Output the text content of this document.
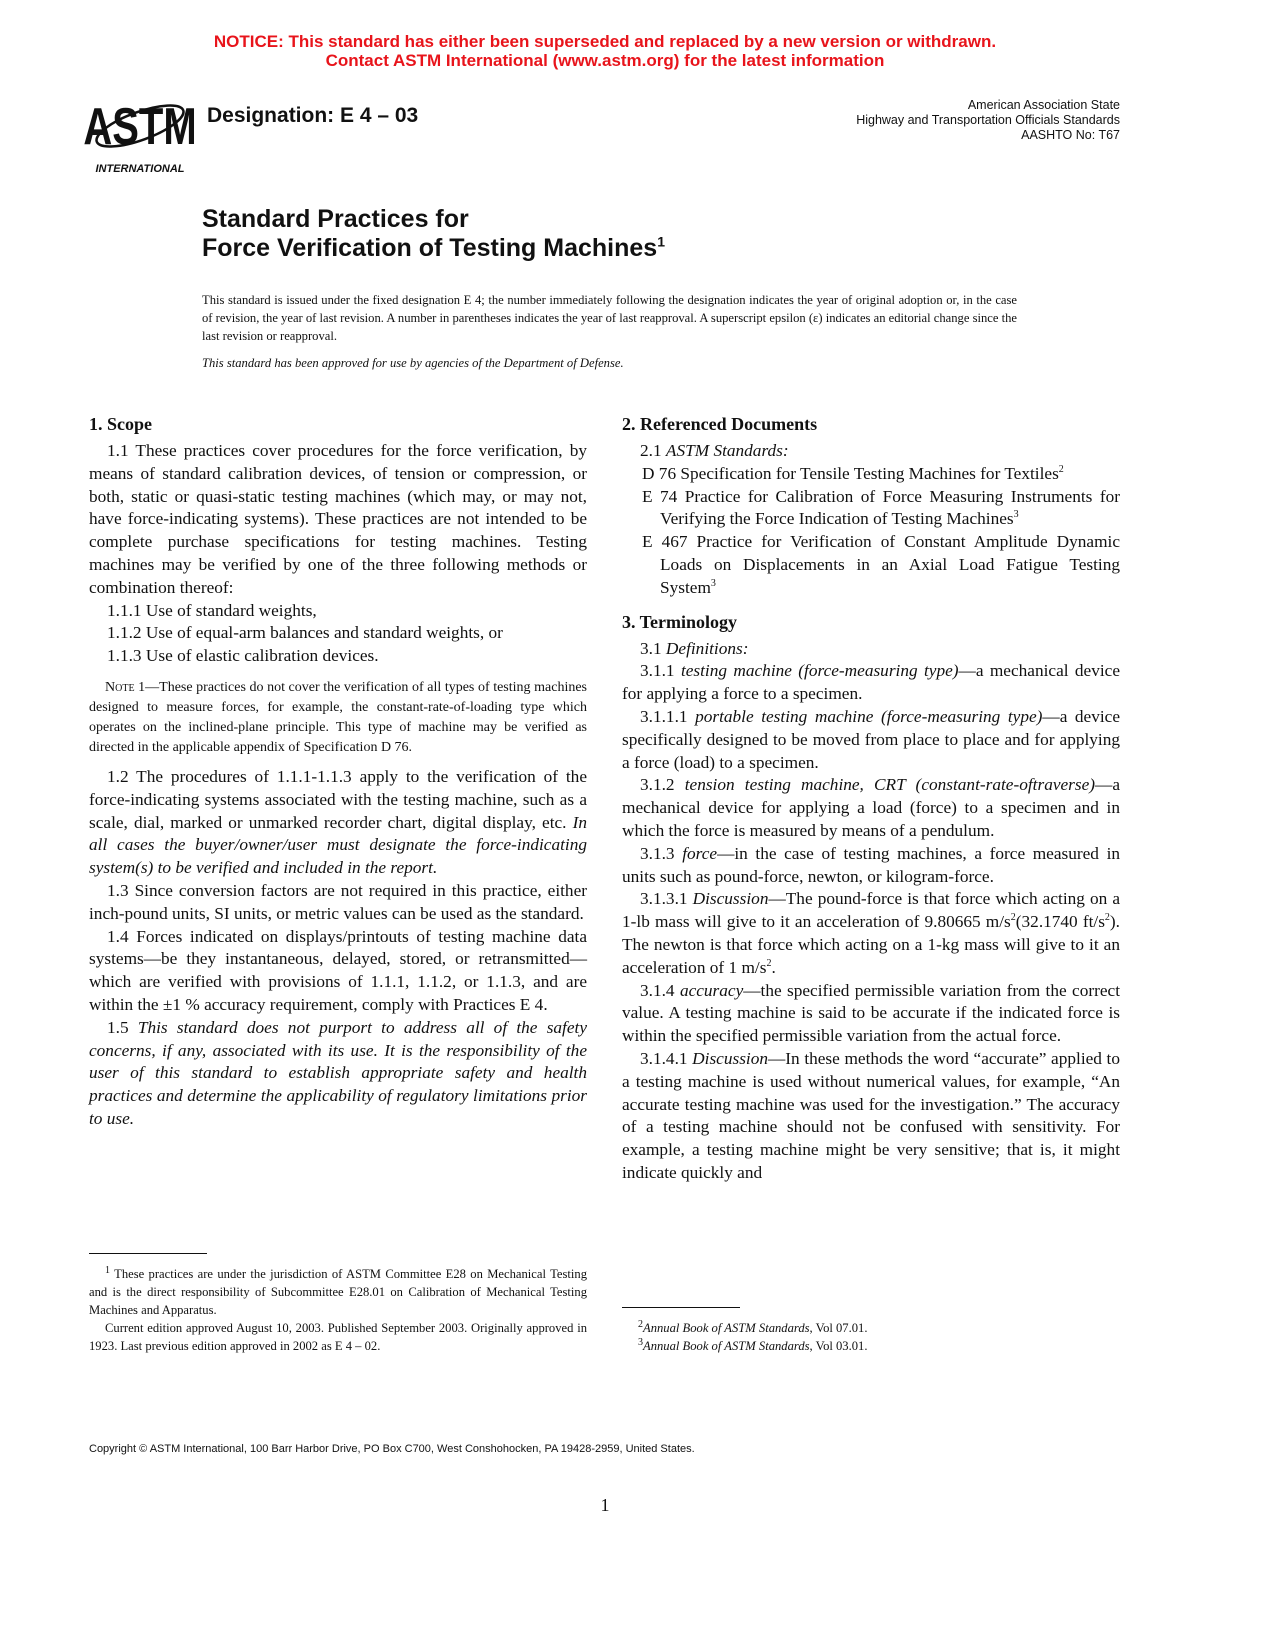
NOTICE: This standard has either been superseded and replaced by a new version or withdrawn.
Contact ASTM International (www.astm.org) for the latest information
ASTM
INTERNATIONAL
Designation: E 4 – 03	American Association State
Highway and Transportation Officials Standards
AASHTO No: T67
Standard Practices for
Force Verification of Testing Machines$^1$
This standard is issued under the fixed designation E 4; the number immediately following the designation indicates the year of original adoption or, in the case of revision, the year of last revision. A number in parentheses indicates the year of last reapproval. A superscript epsilon (ε) indicates an editorial change since the last revision or reapproval.
This standard has been approved for use by agencies of the Department of Defense.
1. Scope

1.1 These practices cover procedures for the force verification, by means of standard calibration devices, of tension or compression, or both, static or quasi-static testing machines (which may, or may not, have force-indicating systems). These practices are not intended to be complete purchase specifications for testing machines. Testing machines may be verified by one of the three following methods or combination thereof:

1.1.1 Use of standard weights,

1.1.2 Use of equal-arm balances and standard weights, or

1.1.3 Use of elastic calibration devices.

Note 1—These practices do not cover the verification of all types of testing machines designed to measure forces, for example, the constant-rate-of-loading type which operates on the inclined-plane principle. This type of machine may be verified as directed in the applicable appendix of Specification D 76.

1.2 The procedures of 1.1.1-1.1.3 apply to the verification of the force-indicating systems associated with the testing machine, such as a scale, dial, marked or unmarked recorder chart, digital display, etc. In all cases the buyer/owner/user must designate the force-indicating system(s) to be verified and included in the report.

1.3 Since conversion factors are not required in this practice, either inch-pound units, SI units, or metric values can be used as the standard.

1.4 Forces indicated on displays/printouts of testing machine data systems—be they instantaneous, delayed, stored, or retransmitted—which are verified with provisions of 1.1.1, 1.1.2, or 1.1.3, and are within the ±1 % accuracy requirement, comply with Practices E 4.

1.5 This standard does not purport to address all of the safety concerns, if any, associated with its use. It is the responsibility of the user of this standard to establish appropriate safety and health practices and determine the applicability of regulatory limitations prior to use.

2. Referenced Documents

2.1 ASTM Standards:

D 76 Specification for Tensile Testing Machines for Textiles$^2$

E 74 Practice for Calibration of Force Measuring Instruments for Verifying the Force Indication of Testing Machines$^3$

E 467 Practice for Verification of Constant Amplitude Dynamic Loads on Displacements in an Axial Load Fatigue Testing System$^3$

3. Terminology

3.1 Definitions:

3.1.1 testing machine (force-measuring type)—a mechanical device for applying a force to a specimen.

3.1.1.1 portable testing machine (force-measuring type)—a device specifically designed to be moved from place to place and for applying a force (load) to a specimen.

3.1.2 tension testing machine, CRT (constant-rate-oftraverse)—a mechanical device for applying a load (force) to a specimen and in which the force is measured by means of a pendulum.

3.1.3 force—in the case of testing machines, a force measured in units such as pound-force, newton, or kilogram-force.

3.1.3.1 Discussion—The pound-force is that force which acting on a 1-lb mass will give to it an acceleration of 9.80665 $m/s^2(32.1740$ $ft/s^2$). The newton is that force which acting on a 1-kg mass will give to it an acceleration of 1 $m/s^2$.

3.1.4 accuracy—the specified permissible variation from the correct value. A testing machine is said to be accurate if the indicated force is within the specified permissible variation from the actual force.

3.1.4.1 Discussion—In these methods the word “accurate” applied to a testing machine is used without numerical values, for example, “An accurate testing machine was used for the investigation.” The accuracy of a testing machine should not be confused with sensitivity. For example, a testing machine might be very sensitive; that is, it might indicate quickly and

$^1$ These practices are under the jurisdiction of ASTM Committee E28 on Mechanical Testing and is the direct responsibility of Subcommittee E28.01 on Calibration of Mechanical Testing Machines and Apparatus.

Current edition approved August 10, 2003. Published September 2003. Originally approved in 1923. Last previous edition approved in 2002 as E 4 – 02.

$^2$Annual Book of ASTM Standards, Vol 07.01.

$^3$Annual Book of ASTM Standards, Vol 03.01.

Copyright © ASTM International, 100 Barr Harbor Drive, PO Box C700, West Conshohocken, PA 19428-2959, United States.
1
